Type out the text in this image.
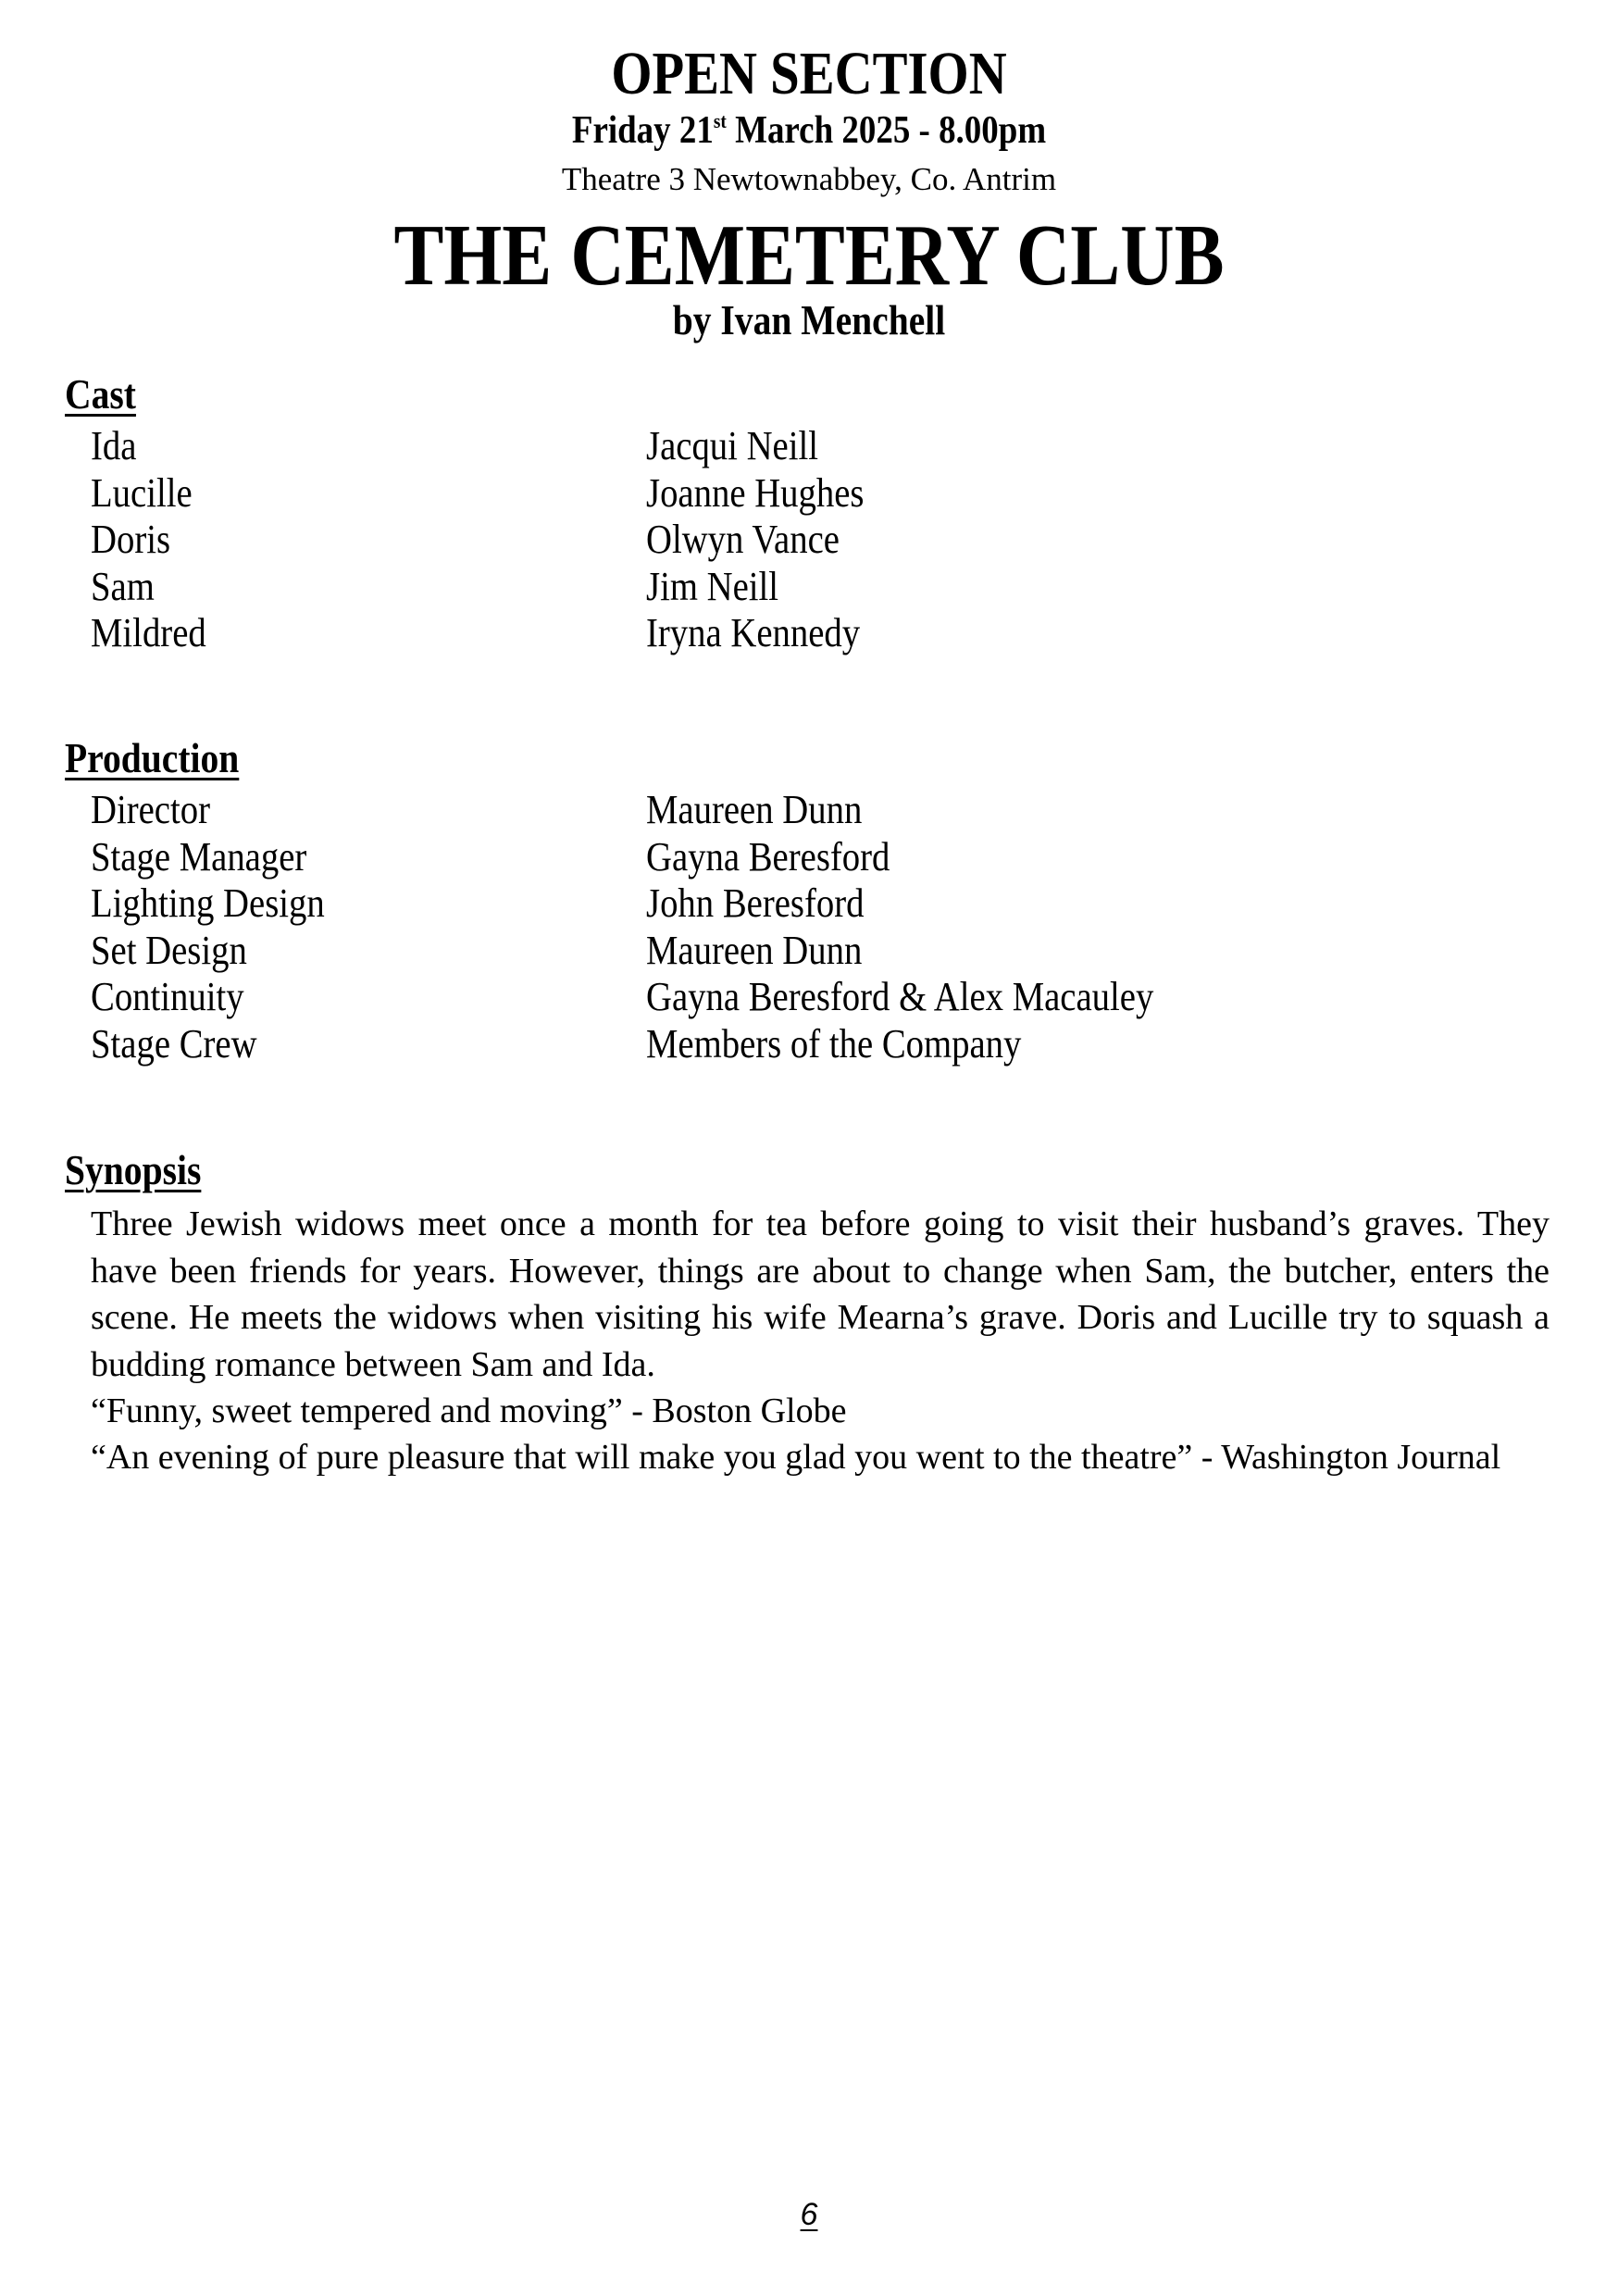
OPEN SECTION
Friday 21st March 2025 - 8.00pm
Theatre 3 Newtownabbey, Co. Antrim
THE CEMETERY CLUB
by Ivan Menchell
Cast
Ida	Jacqui Neill
Lucille	Joanne Hughes
Doris	Olwyn Vance
Sam	Jim Neill
Mildred	Iryna Kennedy
Production
Director	Maureen Dunn
Stage Manager	Gayna Beresford
Lighting Design	John Beresford
Set Design	Maureen Dunn
Continuity	Gayna Beresford & Alex Macauley
Stage Crew	Members of the Company
Synopsis

Three Jewish widows meet once a month for tea before going to visit their husband’s graves. They have been friends for years. However, things are about to change when Sam, the butcher, enters the scene. He meets the widows when visiting his wife Mearna’s grave. Doris and Lucille try to squash a budding romance between Sam and Ida.

“Funny, sweet tempered and moving” - Boston Globe
“An evening of pure pleasure that will make you glad you went to the theatre” - Washington Journal
6
